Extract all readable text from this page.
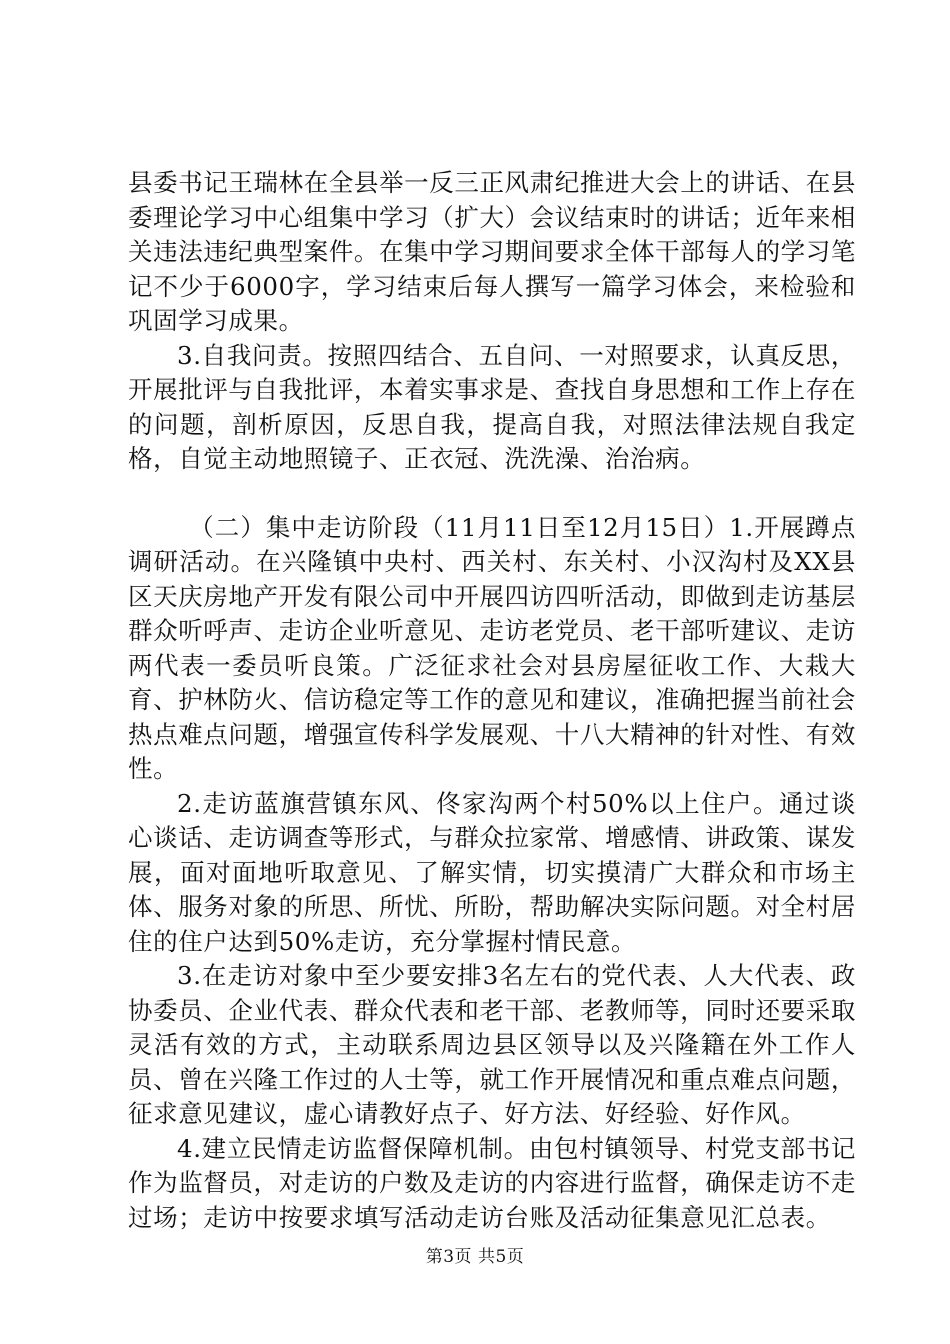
县委书记王瑞林在全县举一反三正风肃纪推进大会上的讲话、在县委理论学习中心组集中学习（扩大）会议结束时的讲话；近年来相关违法违纪典型案件。在集中学习期间要求全体干部每人的学习笔记不少于6000字，学习结束后每人撰写一篇学习体会，来检验和巩固学习成果。

3.自我问责。按照四结合、五自问、一对照要求，认真反思，开展批评与自我批评，本着实事求是、查找自身思想和工作上存在的问题，剖析原因，反思自我，提高自我，对照法律法规自我定格，自觉主动地照镜子、正衣冠、洗洗澡、治治病。

（二）集中走访阶段（11月11日至12月15日）1.开展蹲点调研活动。在兴隆镇中央村、西关村、东关村、小汉沟村及XX县区天庆房地产开发有限公司中开展四访四听活动，即做到走访基层群众听呼声、走访企业听意见、走访老党员、老干部听建议、走访两代表一委员听良策。广泛征求社会对县房屋征收工作、大栽大育、护林防火、信访稳定等工作的意见和建议，准确把握当前社会热点难点问题，增强宣传科学发展观、十八大精神的针对性、有效性。

2.走访蓝旗营镇东风、佟家沟两个村50%以上住户。通过谈心谈话、走访调查等形式，与群众拉家常、增感情、讲政策、谋发展，面对面地听取意见、了解实情，切实摸清广大群众和市场主体、服务对象的所思、所忧、所盼，帮助解决实际问题。对全村居住的住户达到50%走访，充分掌握村情民意。

3.在走访对象中至少要安排3名左右的党代表、人大代表、政协委员、企业代表、群众代表和老干部、老教师等，同时还要采取灵活有效的方式，主动联系周边县区领导以及兴隆籍在外工作人员、曾在兴隆工作过的人士等，就工作开展情况和重点难点问题，征求意见建议，虚心请教好点子、好方法、好经验、好作风。

4.建立民情走访监督保障机制。由包村镇领导、村党支部书记作为监督员，对走访的户数及走访的内容进行监督，确保走访不走过场；走访中按要求填写活动走访台账及活动征集意见汇总表。

第3页 共5页
